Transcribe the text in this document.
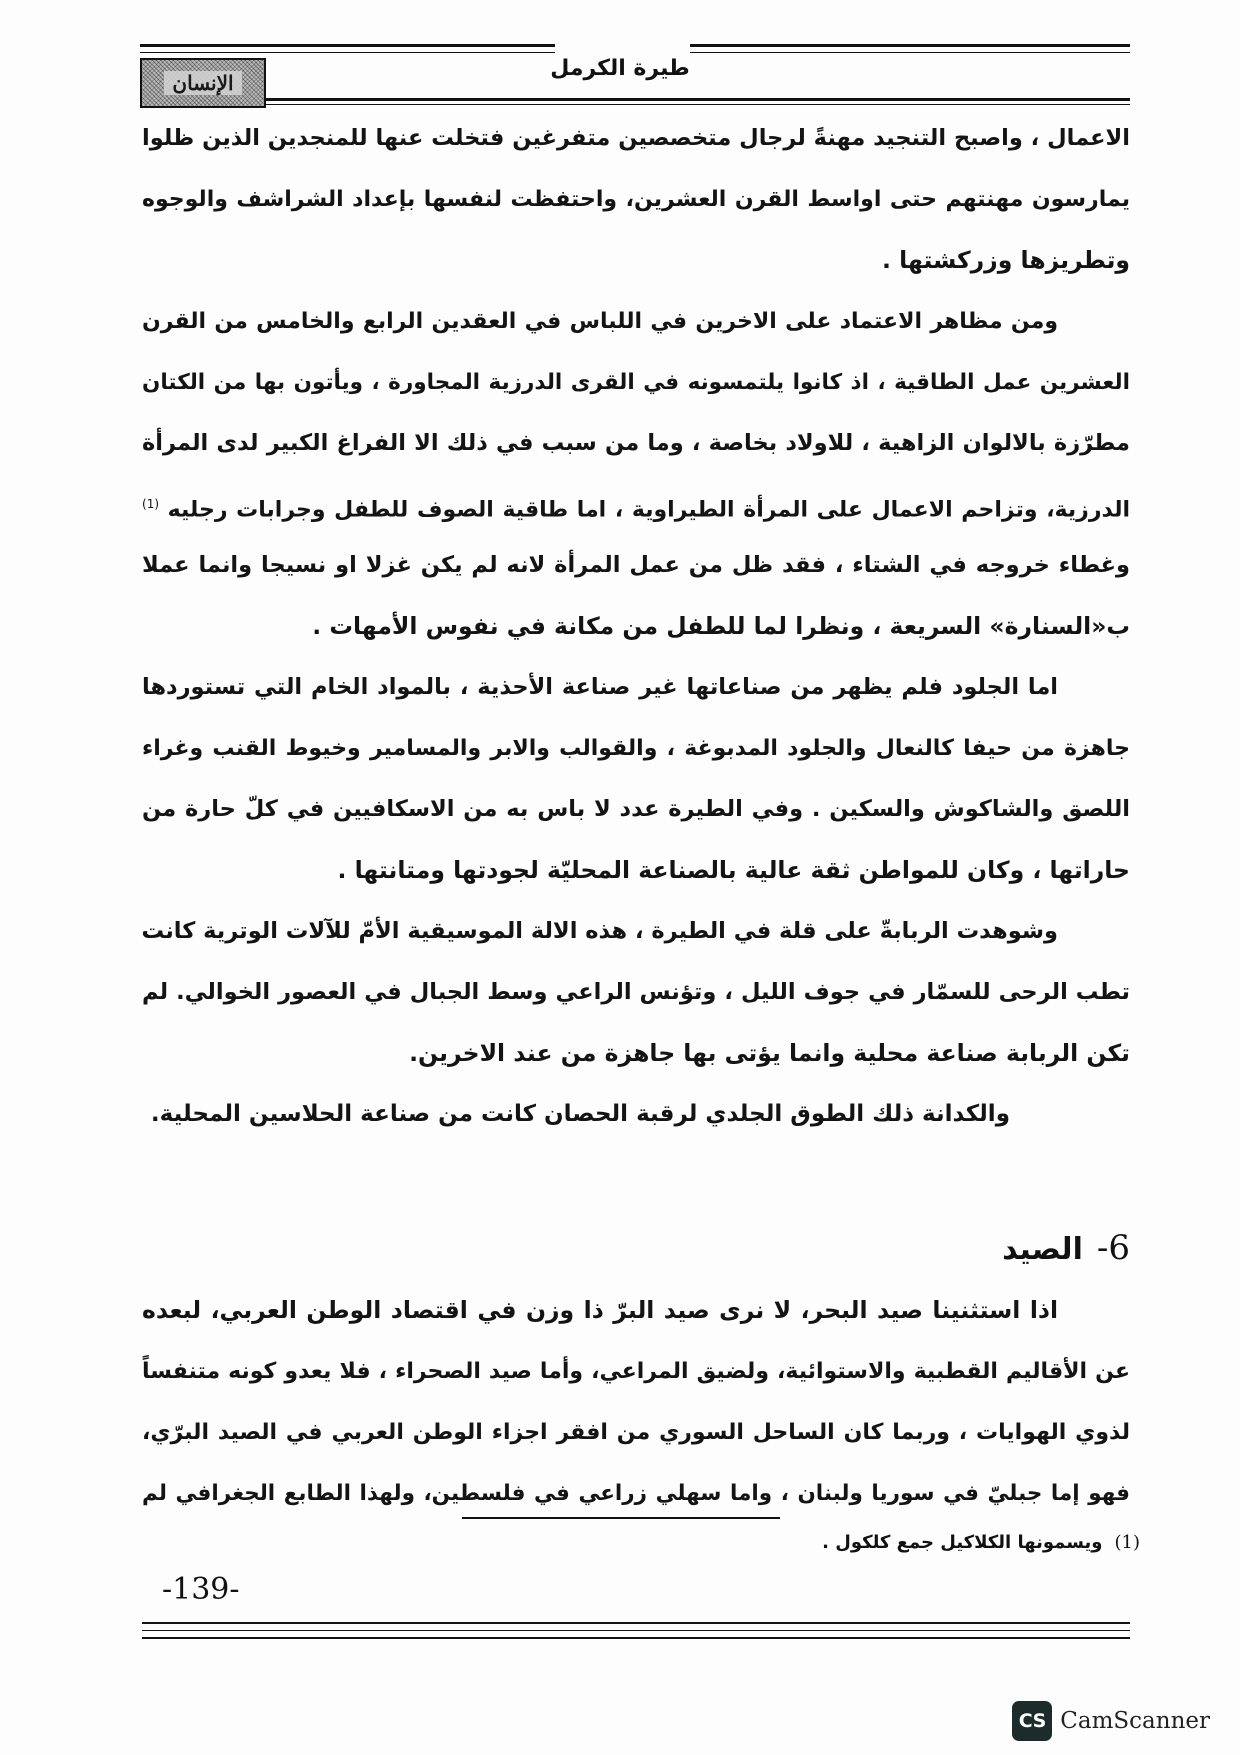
الإنسان
طيرة الكرمل
الاعمال ، واصبح التنجيد مهنةً لرجال متخصصين متفرغين فتخلت عنها للمنجدين الذين ظلوا
يمارسون مهنتهم حتى اواسط القرن العشرين، واحتفظت لنفسها بإعداد الشراشف والوجوه
وتطريزها وزركشتها .
ومن مظاهر الاعتماد على الاخرين في اللباس في العقدين الرابع والخامس من القرن
العشرين عمل الطاقية ، اذ كانوا يلتمسونه في القرى الدرزية المجاورة ، ويأتون بها من الكتان
مطرّزة بالالوان الزاهية ، للاولاد بخاصة ، وما من سبب في ذلك الا الفراغ الكبير لدى المرأة
الدرزية، وتزاحم الاعمال على المرأة الطيراوية ، اما طاقية الصوف للطفل وجرابات رجليه $^{(1)}$
وغطاء خروجه في الشتاء ، فقد ظل من عمل المرأة لانه لم يكن غزلا او نسيجا وانما عملا
ب«السنارة» السريعة ، ونظرا لما للطفل من مكانة في نفوس الأمهات .
اما الجلود فلم يظهر من صناعاتها غير صناعة الأحذية ، بالمواد الخام التي تستوردها
جاهزة من حيفا كالنعال والجلود المدبوغة ، والقوالب والابر والمسامير وخيوط القنب وغراء
اللصق والشاكوش والسكين . وفي الطيرة عدد لا باس به من الاسكافيين في كلّ حارة من
حاراتها ، وكان للمواطن ثقة عالية بالصناعة المحليّة لجودتها ومتانتها .
وشوهدت الربابةّ على قلة في الطيرة ، هذه الالة الموسيقية الأمّ للآلات الوترية كانت
تطب الرحى للسمّار في جوف الليل ، وتؤنس الراعي وسط الجبال في العصور الخوالي. لم
تكن الربابة صناعة محلية وانما يؤتى بها جاهزة من عند الاخرين.
والكدانة ذلك الطوق الجلدي لرقبة الحصان كانت من صناعة الحلاسين المحلية.
6-الصيد
اذا استثنينا صيد البحر، لا نرى صيد البرّ ذا وزن في اقتصاد الوطن العربي، لبعده
عن الأقاليم القطبية والاستوائية، ولضيق المراعي، وأما صيد الصحراء ، فلا يعدو كونه متنفساً
لذوي الهوايات ، وربما كان الساحل السوري من افقر اجزاء الوطن العربي في الصيد البرّي،
فهو إما جبليّ في سوريا ولبنان ، واما سهلي زراعي في فلسطين، ولهذا الطابع الجغرافي لم
(1)ويسمونها الكلاكيل جمع كلكول .
-139-
CS CamScanner
